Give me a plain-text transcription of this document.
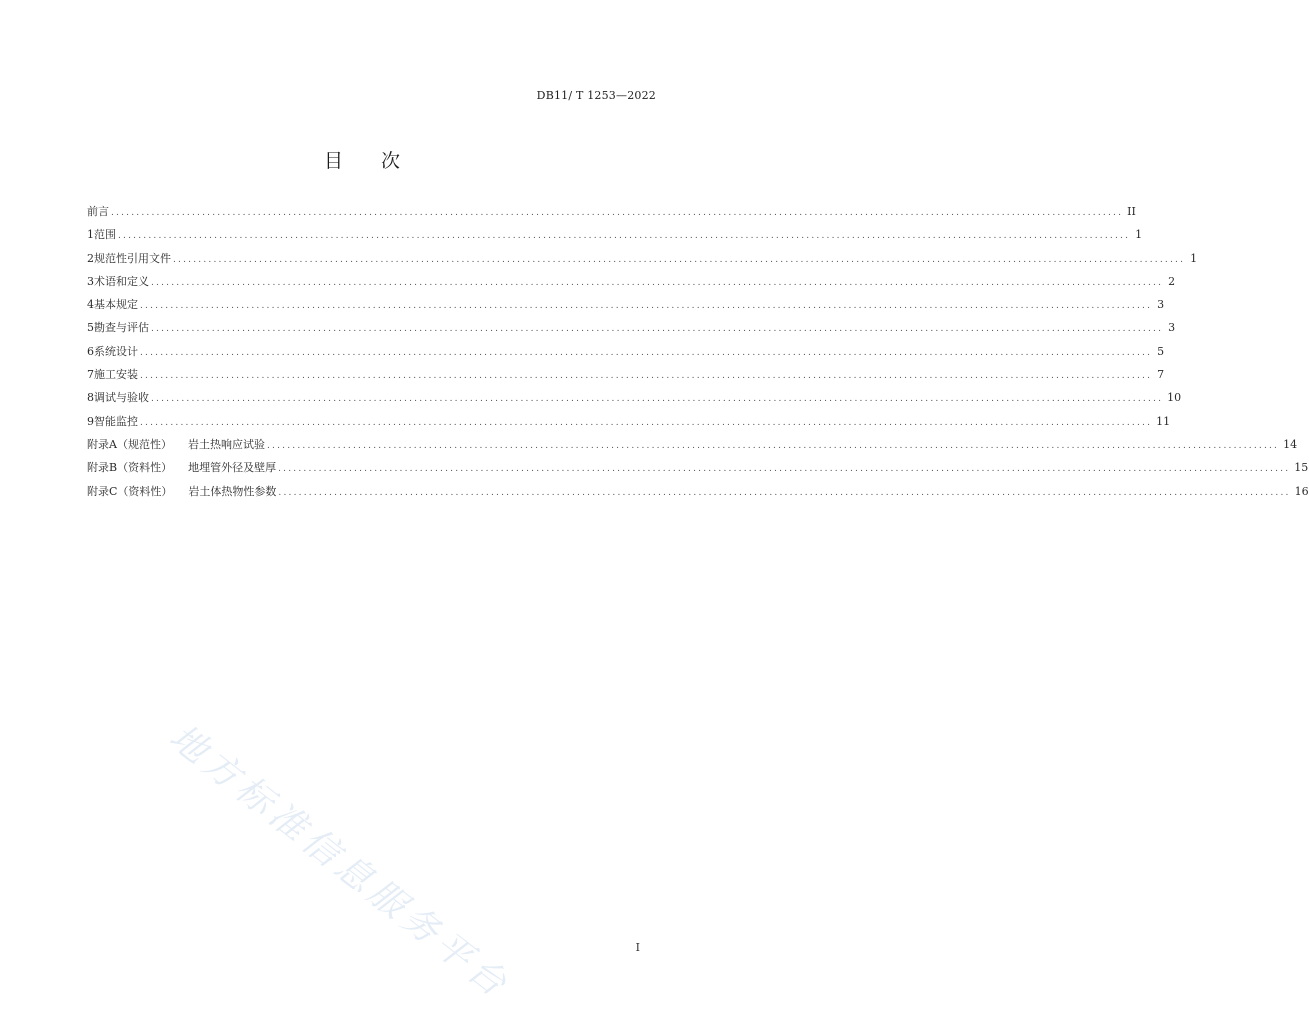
DB11/ T 1253—2022
目 次
前言 ........................................................................................................................................................................................................ II
1 范围 ........................................................................................................................................................................................................ 1
2 规范性引用文件 ........................................................................................................................................................................................................ 1
3 术语和定义 ........................................................................................................................................................................................................ 2
4 基本规定 ........................................................................................................................................................................................................ 3
5 勘查与评估 ........................................................................................................................................................................................................ 3
6 系统设计 ........................................................................................................................................................................................................ 5
7 施工安装 ........................................................................................................................................................................................................ 7
8 调试与验收 ........................................................................................................................................................................................................ 10
9 智能监控 ........................................................................................................................................................................................................ 11
附录A（规范性） 岩土热响应试验 ........................................................................................................................................................................................................ 14
附录B（资料性） 地埋管外径及壁厚 ........................................................................................................................................................................................................ 15
附录C（资料性） 岩土体热物性参数 ........................................................................................................................................................................................................ 16
地方标准信息服务平台	I
